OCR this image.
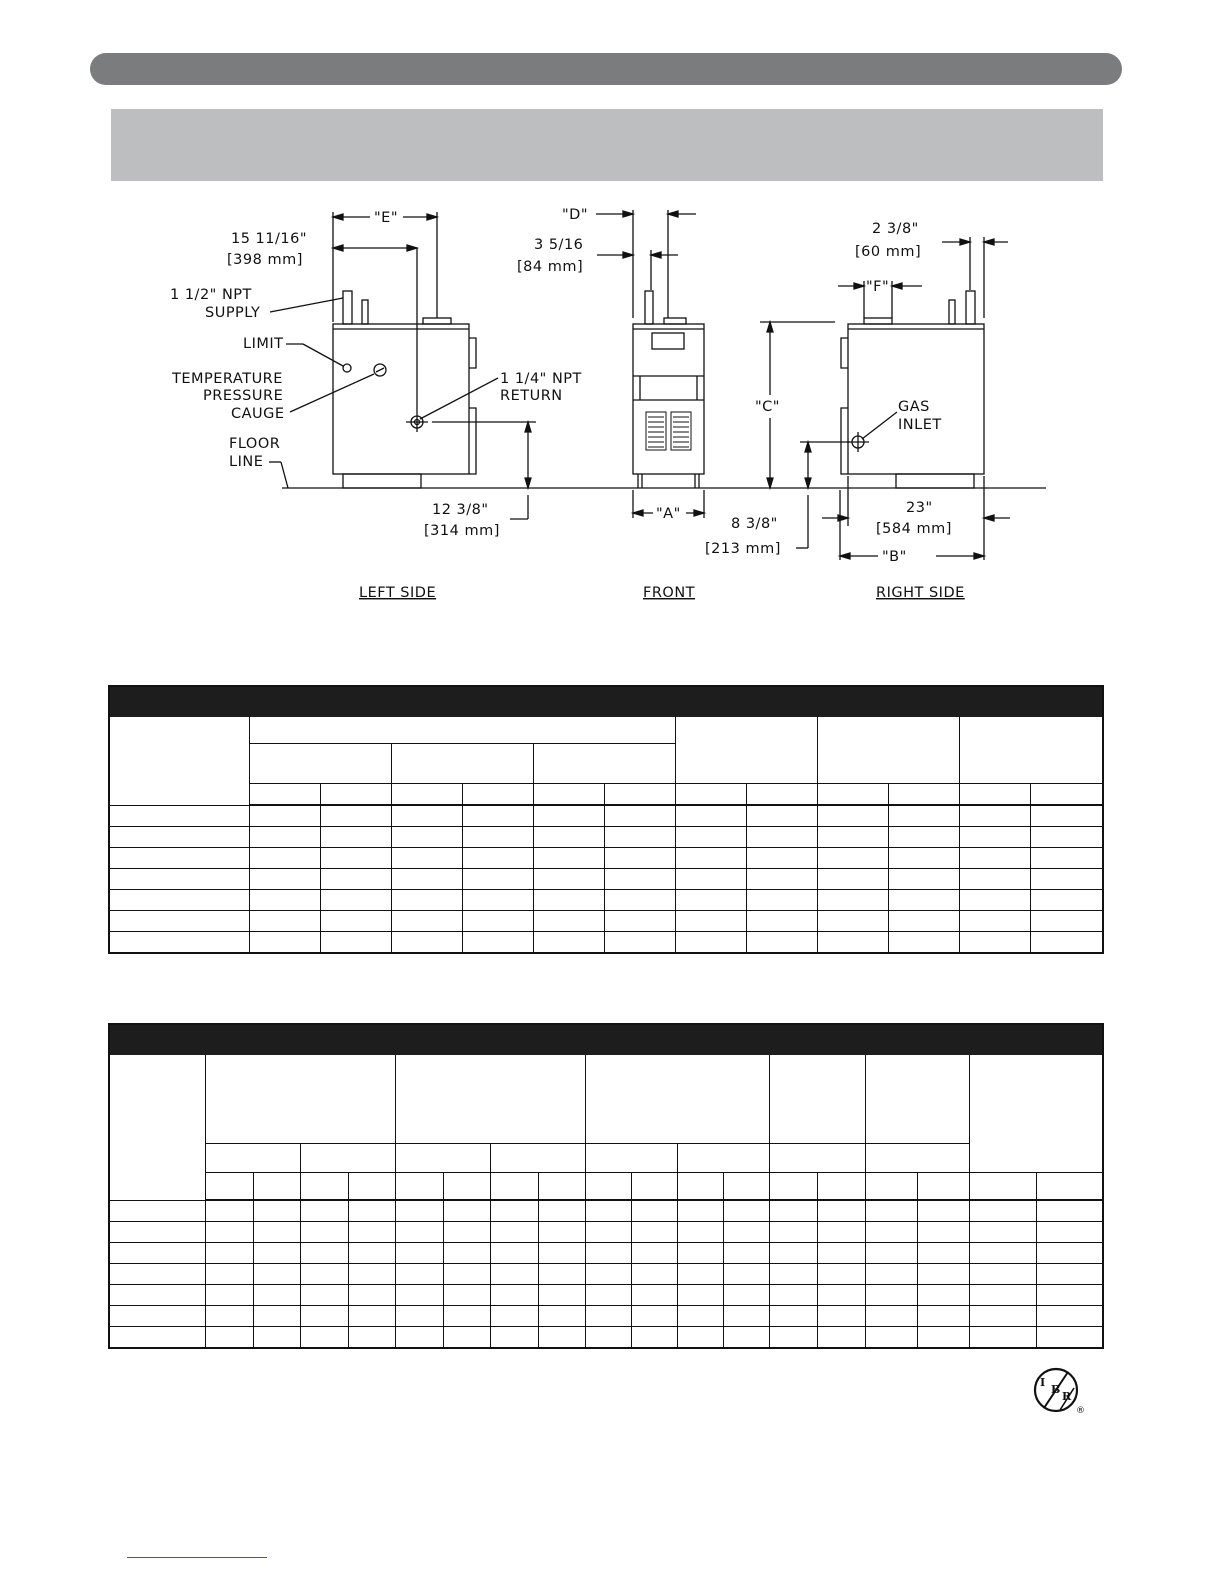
"E"
15 11/16"
[398 mm]
1 1/2" NPT
SUPPLY
LIMIT
TEMPERATURE
PRESSURE
CAUGE
1 1/4" NPT
RETURN
FLOOR
LINE
12 3/8"
[314 mm]
"D"
3 5/16
[84 mm]
"A"
"C"
8 3/8"
[213 mm]
2 3/8"
[60 mm]
"F"
GAS
INLET
23"
[584 mm]
"B"
LEFT SIDE	FRONT	RIGHT SIDE

I
B
R
®
